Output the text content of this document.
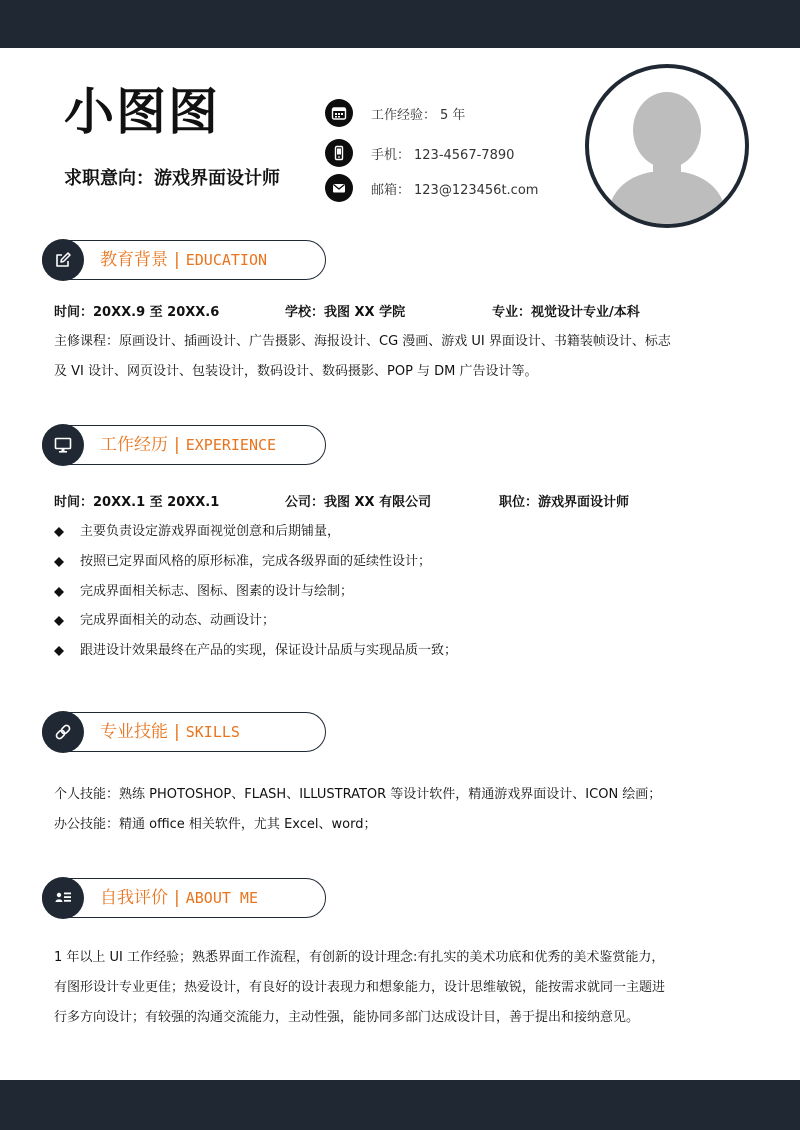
小图图
求职意向：游戏界面设计师
工作经验： 5 年
手机： 123-4567-7890
邮箱： 123@123456t.com
教育背景 | EDUCATION
时间：20XX.9 至 20XX.6	学校：我图 XX 学院	专业：视觉设计专业/本科
主修课程：原画设计、插画设计、广告摄影、海报设计、CG 漫画、游戏 UI 界面设计、书籍装帧设计、标志
及 VI 设计、网页设计、包装设计，数码设计、数码摄影、POP 与 DM 广告设计等。
工作经历 | EXPERIENCE
时间：20XX.1 至 20XX.1	公司：我图 XX 有限公司	职位：游戏界面设计师
主要负责设定游戏界面视觉创意和后期铺量，
按照已定界面风格的原形标准，完成各级界面的延续性设计；
完成界面相关标志、图标、图素的设计与绘制；
完成界面相关的动态、动画设计；
跟进设计效果最终在产品的实现，保证设计品质与实现品质一致；
专业技能 | SKILLS
个人技能：熟练 PHOTOSHOP、FLASH、ILLUSTRATOR 等设计软件，精通游戏界面设计、ICON 绘画；
办公技能：精通 office 相关软件，尤其 Excel、word；
自我评价 | ABOUT ME
1 年以上 UI 工作经验；熟悉界面工作流程，有创新的设计理念:有扎实的美术功底和优秀的美术鉴赏能力，
有图形设计专业更佳；热爱设计，有良好的设计表现力和想象能力，设计思维敏锐，能按需求就同一主题进
行多方向设计；有较强的沟通交流能力，主动性强，能协同多部门达成设计目，善于提出和接纳意见。
